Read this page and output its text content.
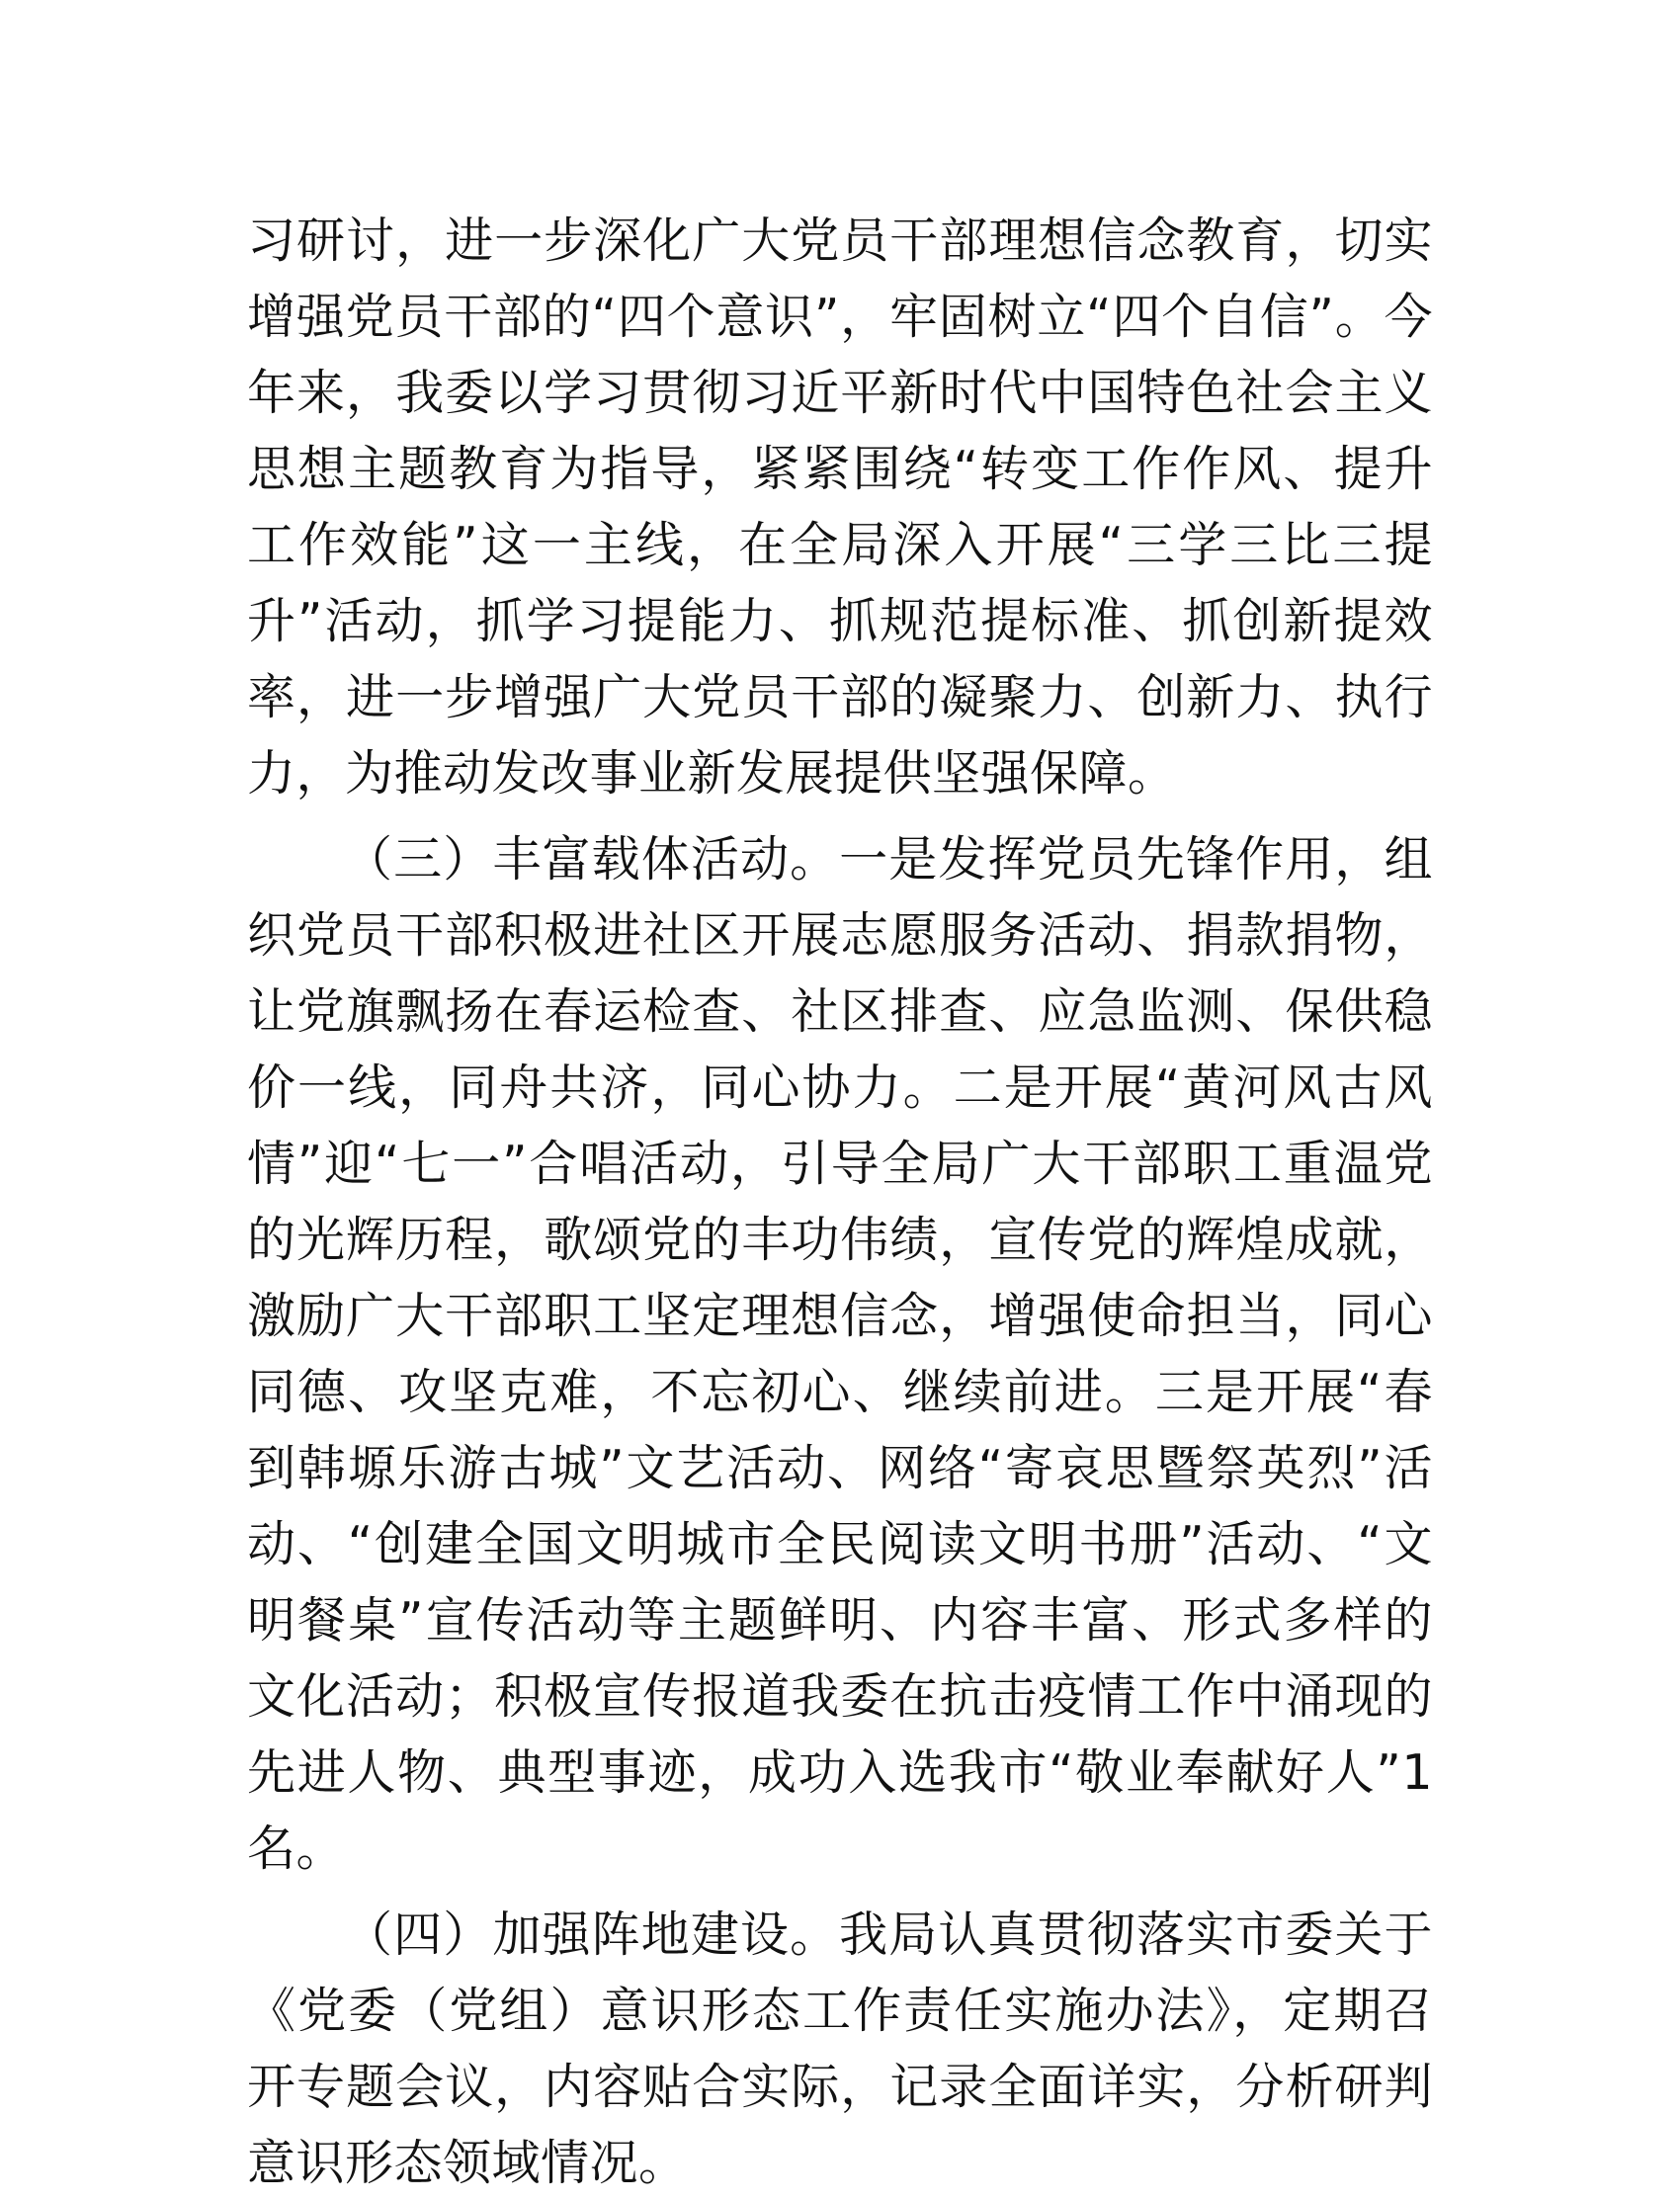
习研讨，进一步深化广大党员干部理想信念教育，切实增强党员干部的“四个意识”，牢固树立“四个自信”。今年来，我委以学习贯彻习近平新时代中国特色社会主义思想主题教育为指导，紧紧围绕“转变工作作风、提升工作效能”这一主线，在全局深入开展“三学三比三提升”活动，抓学习提能力、抓规范提标准、抓创新提效率，进一步增强广大党员干部的凝聚力、创新力、执行力，为推动发改事业新发展提供坚强保障。

（三）丰富载体活动。一是发挥党员先锋作用，组织党员干部积极进社区开展志愿服务活动、捐款捐物，让党旗飘扬在春运检查、社区排查、应急监测、保供稳价一线，同舟共济，同心协力。二是开展“黄河风古风情”迎“七一”合唱活动，引导全局广大干部职工重温党的光辉历程，歌颂党的丰功伟绩，宣传党的辉煌成就，激励广大干部职工坚定理想信念，增强使命担当，同心同德、攻坚克难，不忘初心、继续前进。三是开展“春到韩塬乐游古城”文艺活动、网络“寄哀思暨祭英烈”活动、“创建全国文明城市全民阅读文明书册”活动、“文明餐桌”宣传活动等主题鲜明、内容丰富、形式多样的文化活动；积极宣传报道我委在抗击疫情工作中涌现的先进人物、典型事迹，成功入选我市“敬业奉献好人”1 名。

（四）加强阵地建设。我局认真贯彻落实市委关于《党委（党组）意识形态工作责任实施办法》，定期召开专题会议，内容贴合实际，记录全面详实，分析研判意识形态领域情况。
